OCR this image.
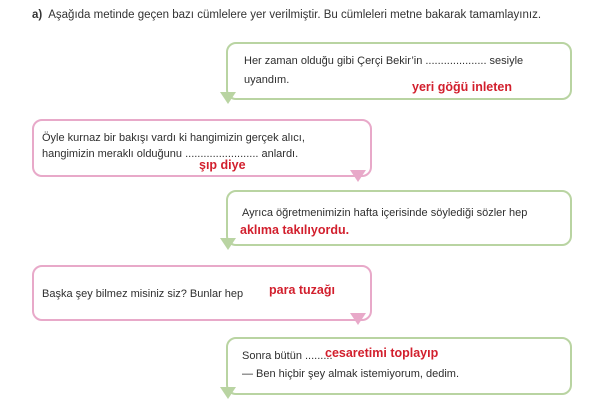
a) Aşağıda metinde geçen bazı cümlelere yer verilmiştir. Bu cümleleri metne bakarak tamamlayınız.
Her zaman olduğu gibi Çerçi Bekir’in .................... sesiyle
uyandım.	yeri göğü inleten
Öyle kurnaz bir bakışı vardı ki hangimizin gerçek alıcı,
hangimizin meraklı olduğunu ........................ anlardı.
şıp diye
Ayrıca öğretmenimizin hafta içerisinde söylediği sözler hep
aklıma takılıyordu.
Başka şey bilmez misiniz siz? Bunlar hep para tuzağı
Sonra bütün .........
— Ben hiçbir şey almak istemiyorum, dedim.
cesaretimi toplayıp
